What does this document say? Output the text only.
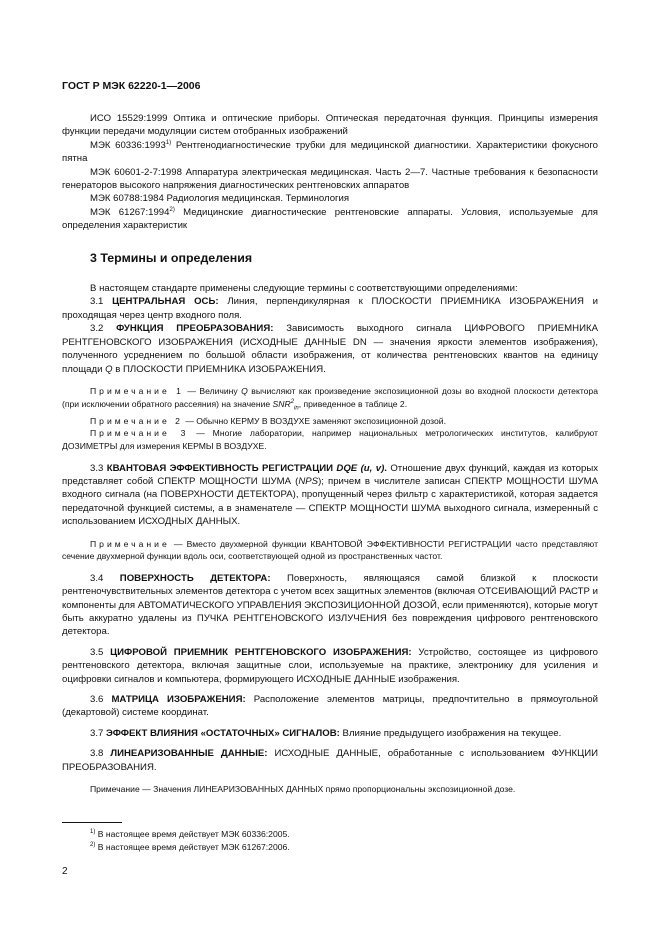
ГОСТ Р МЭК 62220-1—2006

ИСО 15529:1999 Оптика и оптические приборы. Оптическая передаточная функция. Принципы измерения функции передачи модуляции систем отобранных изображений

МЭК 60336:1993$^{1)}$ Рентгенодиагностические трубки для медицинской диагностики. Характеристики фокусного пятна

МЭК 60601-2-7:1998 Аппаратура электрическая медицинская. Часть 2—7. Частные требования к безопасности генераторов высокого напряжения диагностических рентгеновских аппаратов

МЭК 60788:1984 Радиология медицинская. Терминология

МЭК 61267:1994$^{2)}$ Медицинские диагностические рентгеновские аппараты. Условия, используемые для определения характеристик

3 Термины и определения

В настоящем стандарте применены следующие термины с соответствующими определениями:

3.1 ЦЕНТРАЛЬНАЯ ОСЬ: Линия, перпендикулярная к ПЛОСКОСТИ ПРИЕМНИКА ИЗОБРАЖЕНИЯ и проходящая через центр входного поля.

3.2 ФУНКЦИЯ ПРЕОБРАЗОВАНИЯ: Зависимость выходного сигнала ЦИФРОВОГО ПРИЕМНИКА РЕНТГЕНОВСКОГО ИЗОБРАЖЕНИЯ (ИСХОДНЫЕ ДАННЫЕ DN — значения яркости элементов изображения), полученного усреднением по большой области изображения, от количества рентгеновских квантов на единицу площади Q в ПЛОСКОСТИ ПРИЕМНИКА ИЗОБРАЖЕНИЯ.

Примечание 1 — Величину Q вычисляют как произведение экспозиционной дозы во входной плоскости детектора (при исключении обратного рассеяния) на значение $SNR^2_{in}$, приведенное в таблице 2.

Примечание 2 — Обычно КЕРМУ В ВОЗДУХЕ заменяют экспозиционной дозой.

Примечание 3 — Многие лаборатории, например национальных метрологических институтов, калибруют ДОЗИМЕТРЫ для измерения КЕРМЫ В ВОЗДУХЕ.

3.3 КВАНТОВАЯ ЭФФЕКТИВНОСТЬ РЕГИСТРАЦИИ DQE (u, v). Отношение двух функций, каждая из которых представляет собой СПЕКТР МОЩНОСТИ ШУМА (NPS); причем в числителе записан СПЕКТР МОЩНОСТИ ШУМА входного сигнала (на ПОВЕРХНОСТИ ДЕТЕКТОРА), пропущенный через фильтр с характеристикой, которая задается передаточной функцией системы, а в знаменателе — СПЕКТР МОЩНОСТИ ШУМА выходного сигнала, измеренный с использованием ИСХОДНЫХ ДАННЫХ.

Примечание — Вместо двухмерной функции КВАНТОВОЙ ЭФФЕКТИВНОСТИ РЕГИСТРАЦИИ часто представляют сечение двухмерной функции вдоль оси, соответствующей одной из пространственных частот.

3.4 ПОВЕРХНОСТЬ ДЕТЕКТОРА: Поверхность, являющаяся самой близкой к плоскости рентгеночувствительных элементов детектора с учетом всех защитных элементов (включая ОТСЕИВАЮЩИЙ РАСТР и компоненты для АВТОМАТИЧЕСКОГО УПРАВЛЕНИЯ ЭКСПОЗИЦИОННОЙ ДОЗОЙ, если применяются), которые могут быть аккуратно удалены из ПУЧКА РЕНТГЕНОВСКОГО ИЗЛУЧЕНИЯ без повреждения цифрового рентгеновского детектора.

3.5 ЦИФРОВОЙ ПРИЕМНИК РЕНТГЕНОВСКОГО ИЗОБРАЖЕНИЯ: Устройство, состоящее из цифрового рентгеновского детектора, включая защитные слои, используемые на практике, электронику для усиления и оцифровки сигналов и компьютера, формирующего ИСХОДНЫЕ ДАННЫЕ изображения.

3.6 МАТРИЦА ИЗОБРАЖЕНИЯ: Расположение элементов матрицы, предпочтительно в прямоугольной (декартовой) системе координат.

3.7 ЭФФЕКТ ВЛИЯНИЯ «ОСТАТОЧНЫХ» СИГНАЛОВ: Влияние предыдущего изображения на текущее.

3.8 ЛИНЕАРИЗОВАННЫЕ ДАННЫЕ: ИСХОДНЫЕ ДАННЫЕ, обработанные с использованием ФУНКЦИИ ПРЕОБРАЗОВАНИЯ.

Примечание — Значения ЛИНЕАРИЗОВАННЫХ ДАННЫХ прямо пропорциональны экспозиционной дозе.

$^{1)}$ В настоящее время действует МЭК 60336:2005.
$^{2)}$ В настоящее время действует МЭК 61267:2006.
2
